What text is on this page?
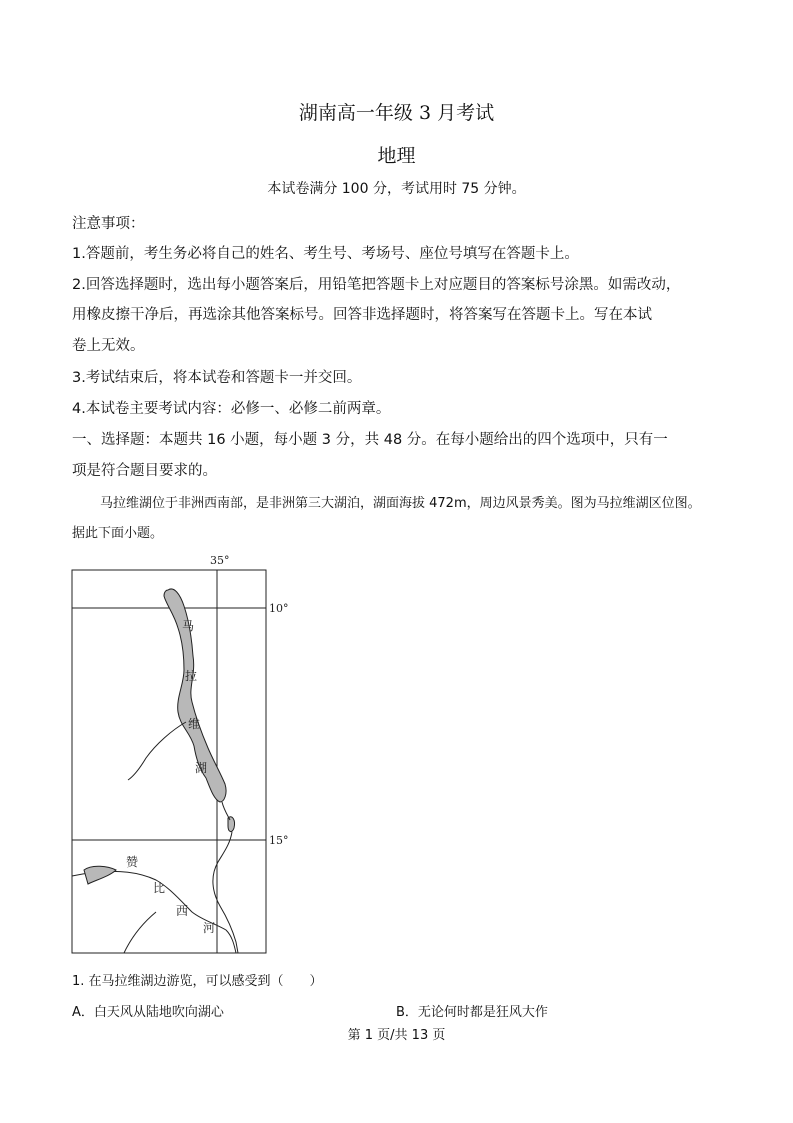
湖南高一年级 3 月考试
地理
本试卷满分 100 分，考试用时 75 分钟。
注意事项：
1.答题前，考生务必将自己的姓名、考生号、考场号、座位号填写在答题卡上。
2.回答选择题时，选出每小题答案后，用铅笔把答题卡上对应题目的答案标号涂黑。如需改动，
用橡皮擦干净后，再选涂其他答案标号。回答非选择题时，将答案写在答题卡上。写在本试
卷上无效。
3.考试结束后，将本试卷和答题卡一并交回。
4.本试卷主要考试内容：必修一、必修二前两章。
一、选择题：本题共 16 小题，每小题 3 分，共 48 分。在每小题给出的四个选项中，只有一
项是符合题目要求的。
马拉维湖位于非洲西南部，是非洲第三大湖泊，湖面海拔 472m，周边风景秀美。图为马拉维湖区位图。
据此下面小题。
35°
10°
15°
马
拉
维
湖
赞
比
西
河
1. 在马拉维湖边游览，可以感受到（　　）
A．白天风从陆地吹向湖心	B．无论何时都是狂风大作
第 1 页/共 13 页
